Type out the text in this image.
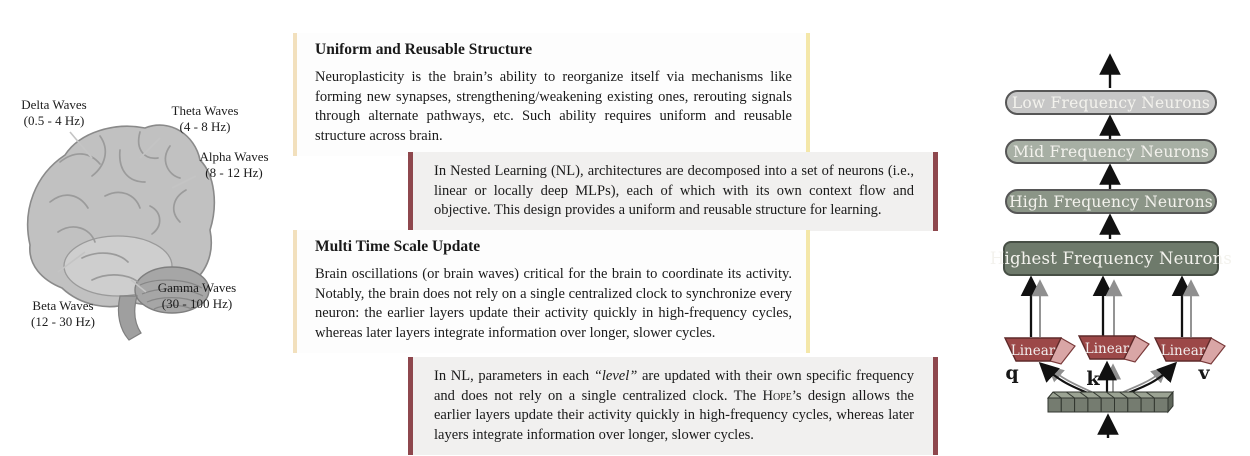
Delta Waves
(0.5 - 4 Hz)
Theta Waves
(4 - 8 Hz)
Alpha Waves
(8 - 12 Hz)
Beta Waves
(12 - 30 Hz)
Gamma Waves
(30 - 100 Hz)

Uniform and Reusable Structure

Neuroplasticity is the brain’s ability to reorganize itself via mechanisms like forming new synapses, strengthening/weakening existing ones, rerouting signals through alternate pathways, etc. Such ability requires uniform and reusable structure across brain.

In Nested Learning (NL), architectures are decomposed into a set of neurons (i.e., linear or locally deep MLPs), each of which with its own context flow and objective. This design provides a uniform and reusable structure for learning.

Multi Time Scale Update

Brain oscillations (or brain waves) critical for the brain to coordinate its activity. Notably, the brain does not rely on a single centralized clock to synchronize every neuron: the earlier layers update their activity quickly in high-frequency cycles, whereas later layers integrate information over longer, slower cycles.

In NL, parameters in each “level” are updated with their own specific frequency and does not rely on a single centralized clock. The Hope’s design allows the earlier layers update their activity quickly in high-frequency cycles, whereas later layers integrate information over longer, slower cycles.
Linear Linear Linear
q	k	v
Low Frequency Neurons
Mid Frequency Neurons
High Frequency Neurons
Highest Frequency Neurons
